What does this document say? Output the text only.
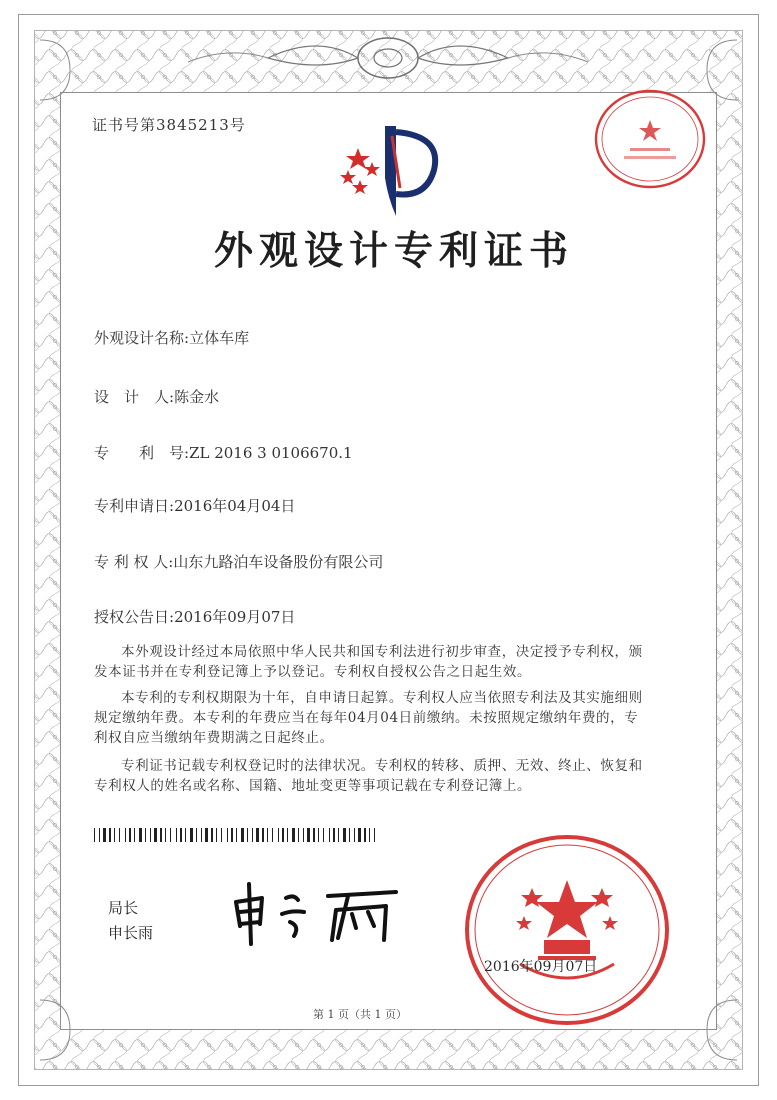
证书号第3845213号
外观设计专利证书
外观设计名称:立体车库
设　计　人:陈金水
专　　利　号:ZL 2016 3 0106670.1
专利申请日:2016年04月04日
专 利 权 人:山东九路泊车设备股份有限公司
授权公告日:2016年09月07日
本外观设计经过本局依照中华人民共和国专利法进行初步审查，决定授予专利权，颁
发本证书并在专利登记簿上予以登记。专利权自授权公告之日起生效。
本专利的专利权期限为十年，自申请日起算。专利权人应当依照专利法及其实施细则
规定缴纳年费。本专利的年费应当在每年04月04日前缴纳。未按照规定缴纳年费的，专
利权自应当缴纳年费期满之日起终止。
专利证书记载专利权登记时的法律状况。专利权的转移、质押、无效、终止、恢复和
专利权人的姓名或名称、国籍、地址变更等事项记载在专利登记簿上。
局长
申长雨
2016年09月07日
第 1 页（共 1 页）
